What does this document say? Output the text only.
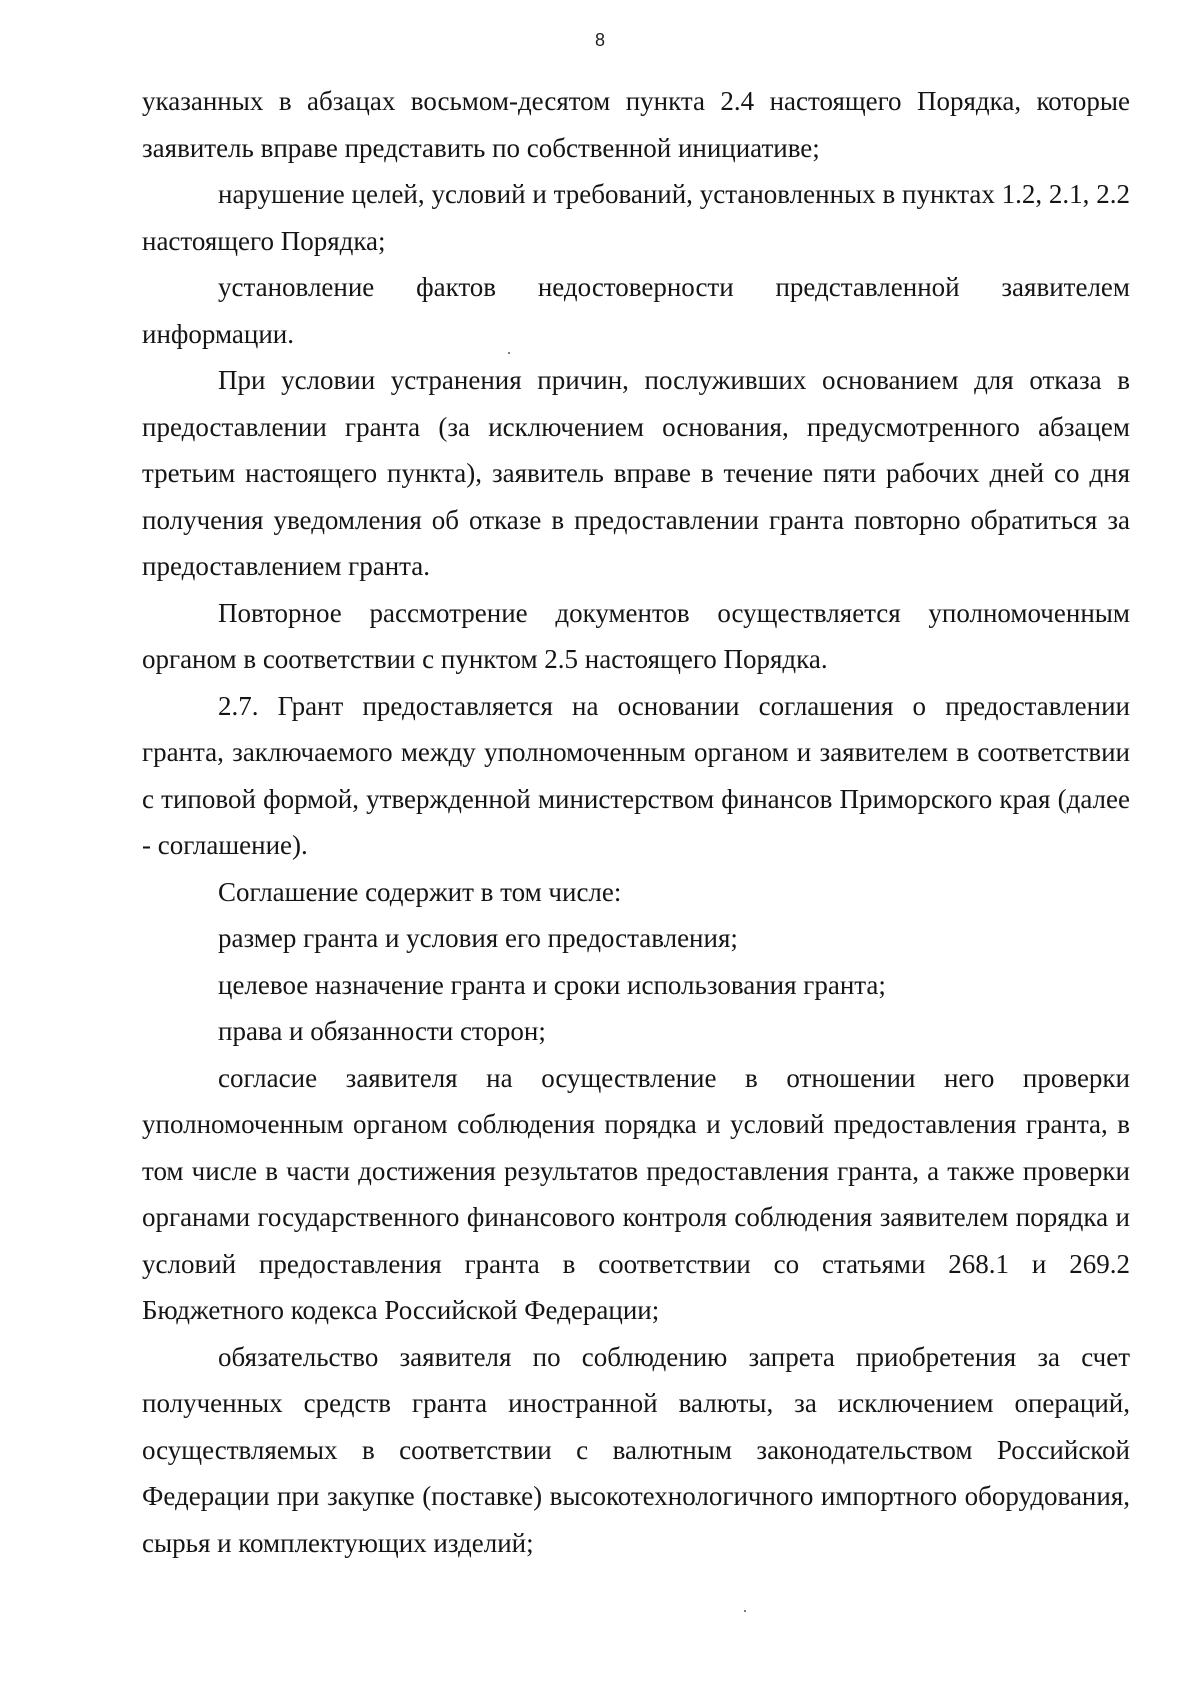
8

указанных в абзацах восьмом-десятом пункта 2.4 настоящего Порядка, которые заявитель вправе представить по собственной инициативе;

нарушение целей, условий и требований, установленных в пунктах 1.2, 2.1, 2.2 настоящего Порядка;

установление фактов недостоверности представленной заявителем информации.

При условии устранения причин, послуживших основанием для отказа в предоставлении гранта (за исключением основания, предусмотренного абзацем третьим настоящего пункта), заявитель вправе в течение пяти рабочих дней со дня получения уведомления об отказе в предоставлении гранта повторно обратиться за предоставлением гранта.

Повторное рассмотрение документов осуществляется уполномоченным органом в соответствии с пунктом 2.5 настоящего Порядка.

2.7. Грант предоставляется на основании соглашения о предоставлении гранта, заключаемого между уполномоченным органом и заявителем в соответствии с типовой формой, утвержденной министерством финансов Приморского края (далее - соглашение).

Соглашение содержит в том числе:

размер гранта и условия его предоставления;

целевое назначение гранта и сроки использования гранта;

права и обязанности сторон;

согласие заявителя на осуществление в отношении него проверки уполномоченным органом соблюдения порядка и условий предоставления гранта, в том числе в части достижения результатов предоставления гранта, а также проверки органами государственного финансового контроля соблюдения заявителем порядка и условий предоставления гранта в соответствии со статьями 268.1 и 269.2 Бюджетного кодекса Российской Федерации;

обязательство заявителя по соблюдению запрета приобретения за счет полученных средств гранта иностранной валюты, за исключением операций, осуществляемых в соответствии с валютным законодательством Российской Федерации при закупке (поставке) высокотехнологичного импортного оборудования, сырья и комплектующих изделий;
